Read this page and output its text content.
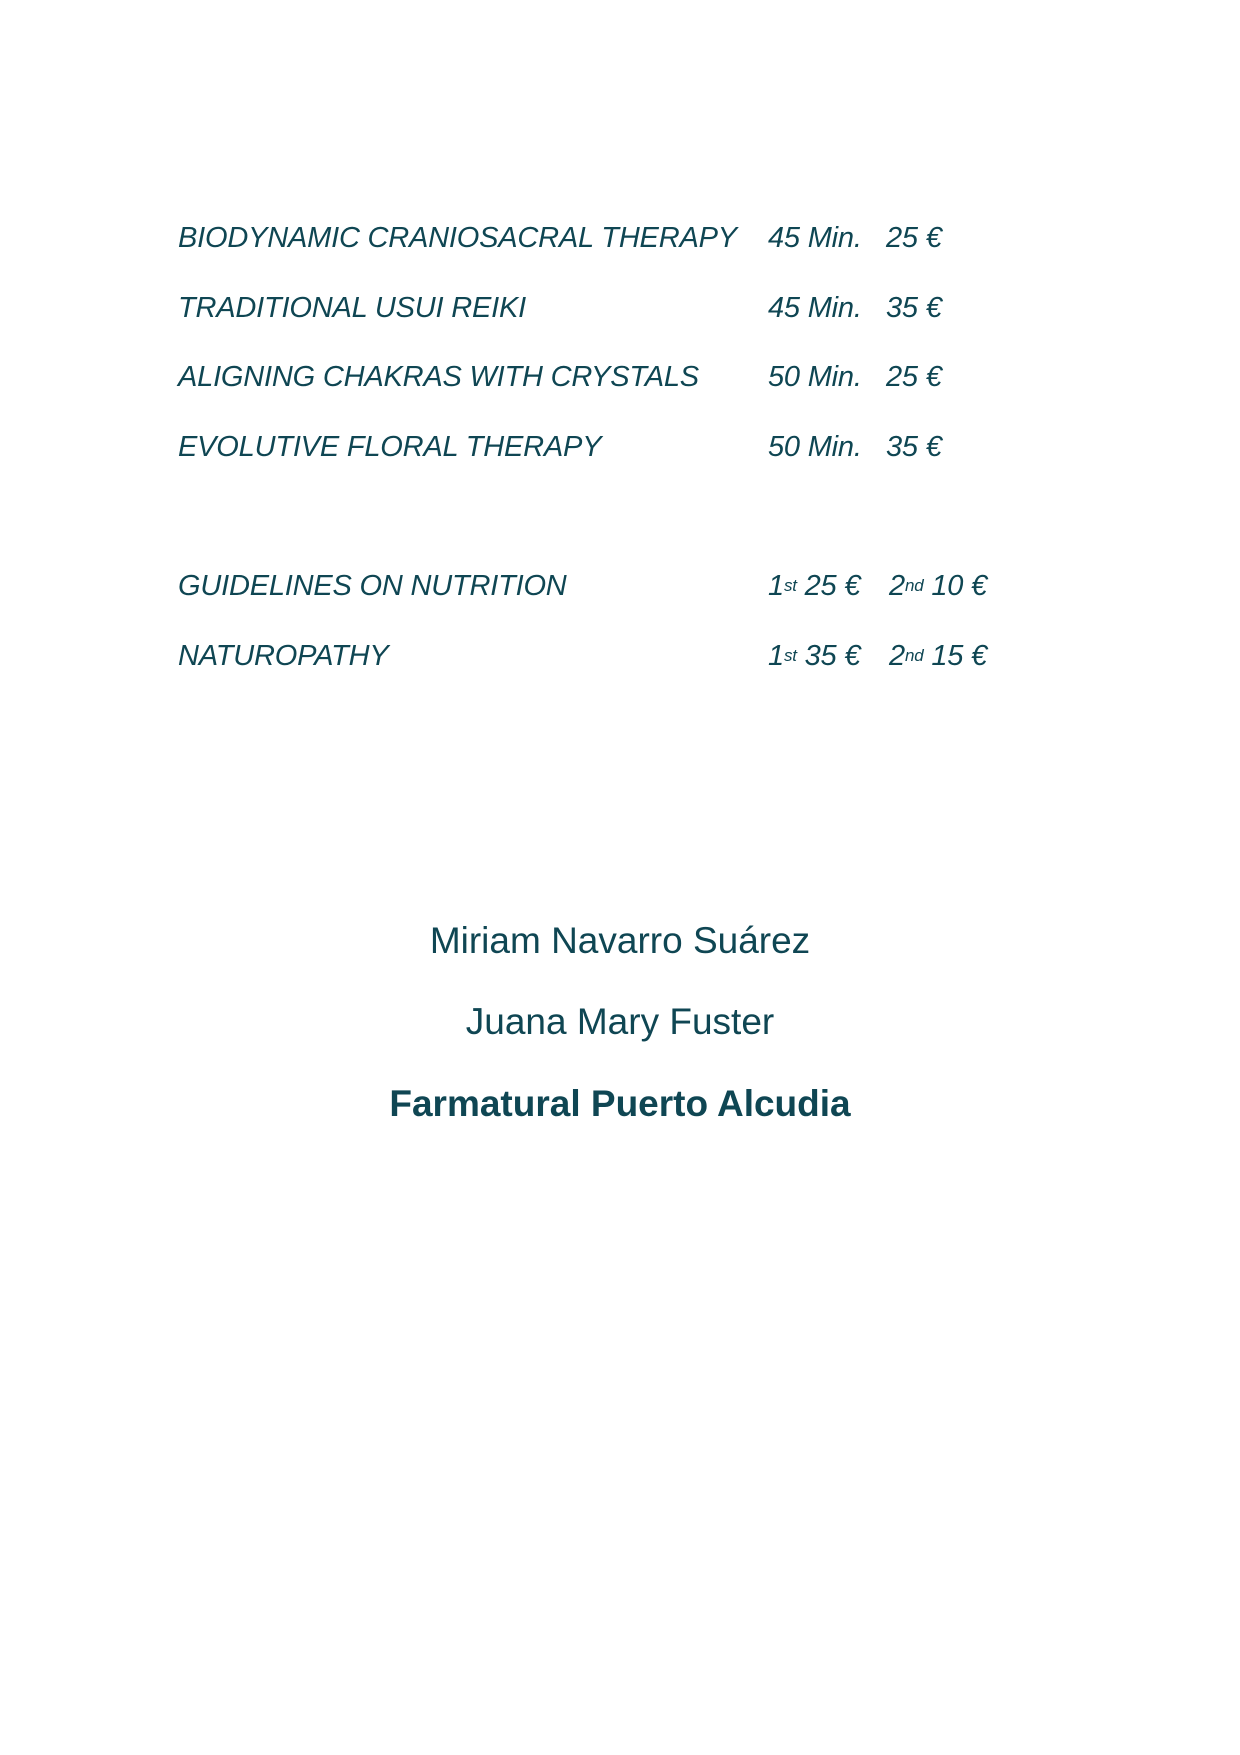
BIODYNAMIC CRANIOSACRAL THERAPY 45 Min. 25 €
TRADITIONAL USUI REIKI	45 Min. 35 €
ALIGNING CHAKRAS WITH CRYSTALS 50 Min. 25 €
EVOLUTIVE FLORAL THERAPY	50 Min. 35 €
GUIDELINES ON NUTRITION	1st 25 € 2nd 10 €
NATUROPATHY	1st 35 € 2nd 15 €
Miriam Navarro Suárez
Juana Mary Fuster
Farmatural Puerto Alcudia
